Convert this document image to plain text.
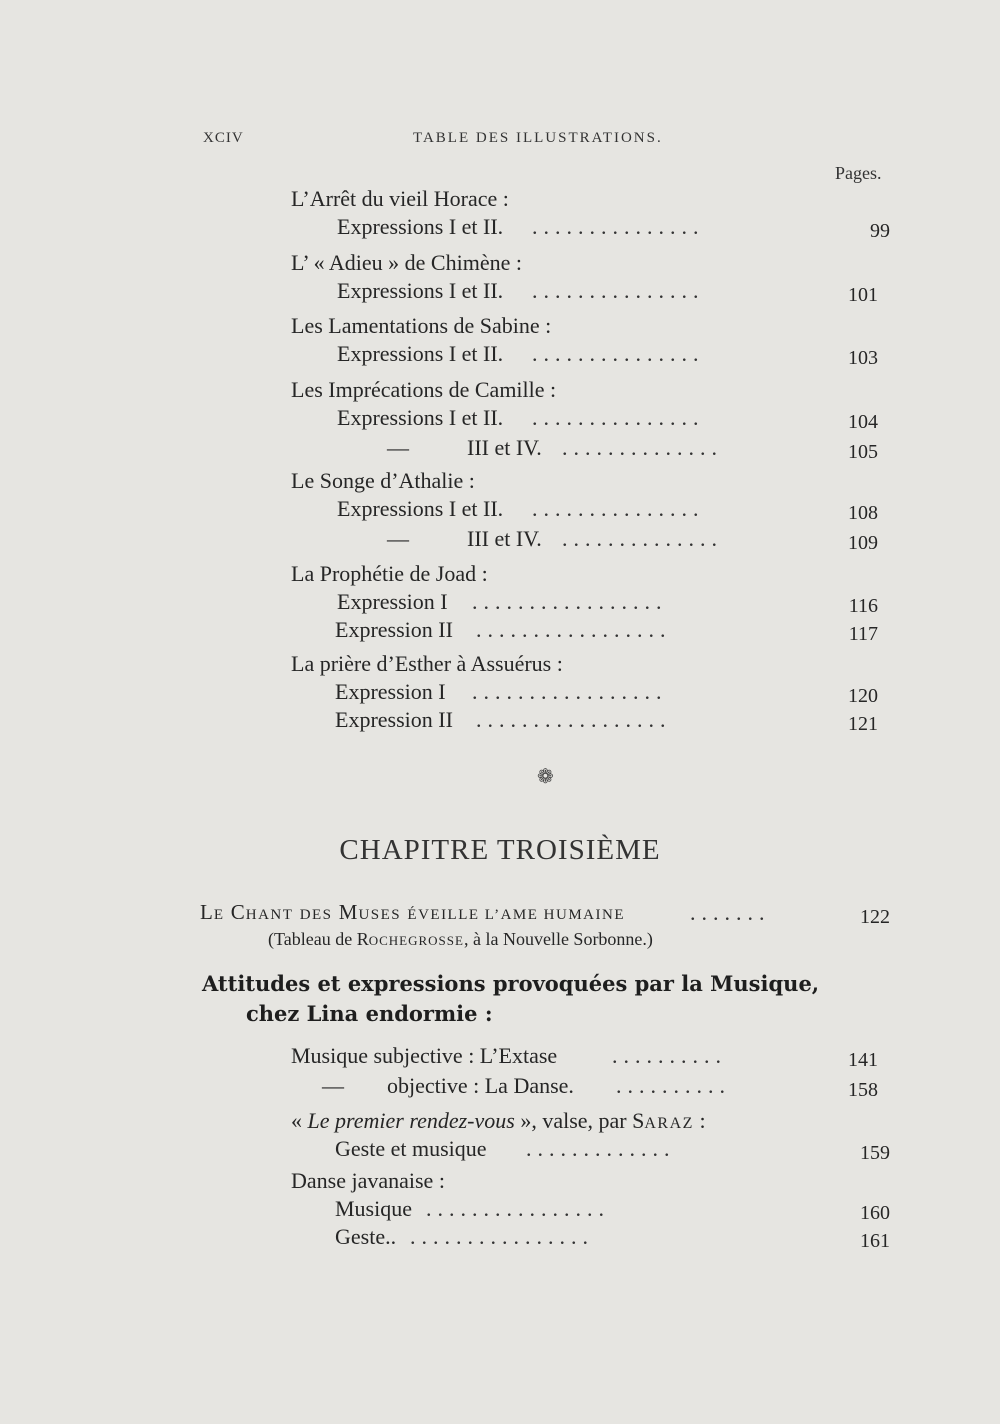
XCIV	TABLE DES ILLUSTRATIONS.
Pages.
L’Arrêt du vieil Horace :
Expressions I et II. ...............	99
L’ « Adieu » de Chimène :
Expressions I et II. ...............	101
Les Lamentations de Sabine :
Expressions I et II. ...............	103
Les Imprécations de Camille :
Expressions I et II. ...............	104
—	III et IV. ..............	105
Le Songe d’Athalie :
Expressions I et II. ...............	108
—	III et IV. ..............	109
La Prophétie de Joad :
Expression I .................	116
Expression II .................	117
La prière d’Esther à Assuérus :
Expression I .................	120
Expression II .................	121
❁
CHAPITRE TROISIÈME
LE CHANT DES MUSES ÉVEILLE L’AME HUMAINE	.......	122
(Tableau de ROCHEGROSSE, à la Nouvelle Sorbonne.)
Attitudes et expressions provoquées par la Musique,
chez Lina endormie :
Musique subjective : L’Extase ..........	141
— objective : La Danse. ..........	158
« Le premier rendez-vous », valse, par SARAZ :
Geste et musique .............	159
Danse javanaise :
Musique ................	160
Geste.. ................	161
